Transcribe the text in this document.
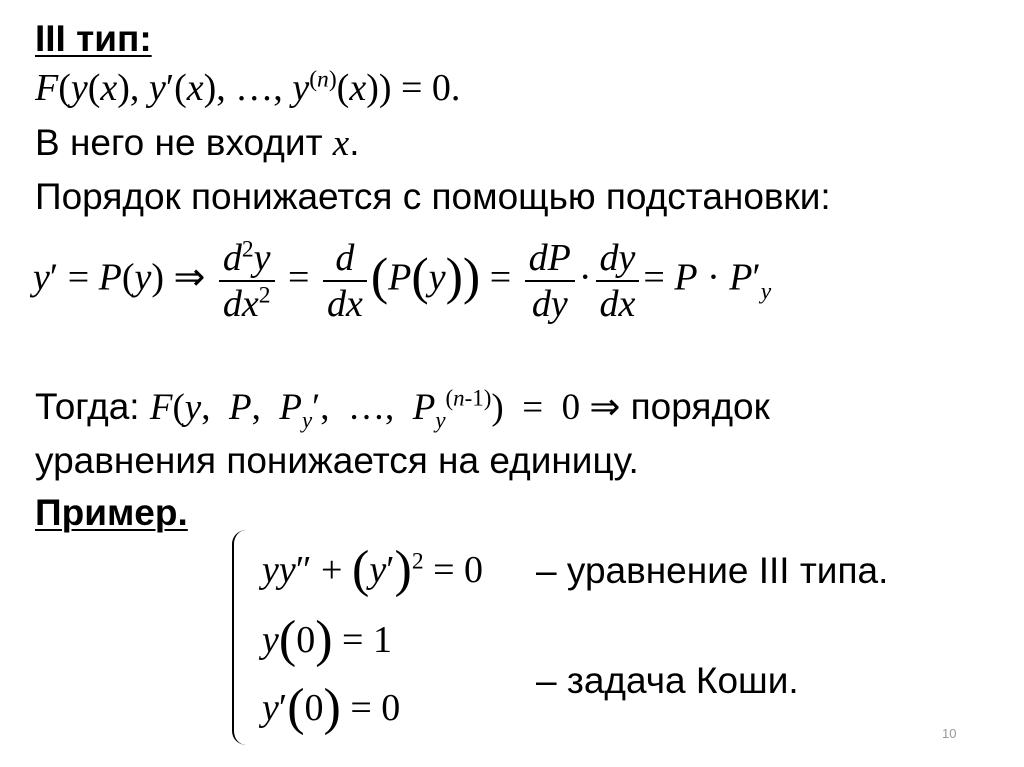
III тип:
F(y(x), y′(x), …, $y^{(n)}(x)) = 0$.
В него не входит x.
Порядок понижается с помощью подстановки:
y′ = P(y) ⇒ $\frac{d^2y}{dx^2} = \frac{d}{dx} (P(y)) = \frac{dP}{dy} \cdot \frac{dy}{dx} = P \cdot P'_y$
Тогда: F(y,  P,  $P_y'$,  …,  $P_y^{(n-1)}) = 0$ ⇒ порядок
уравнения понижается на единицу.
Пример.
$yy'' + (y')^2 = 0$
y(0) = 1
y′(0) = 0
– уравнение III типа.
– задача Коши.
10
